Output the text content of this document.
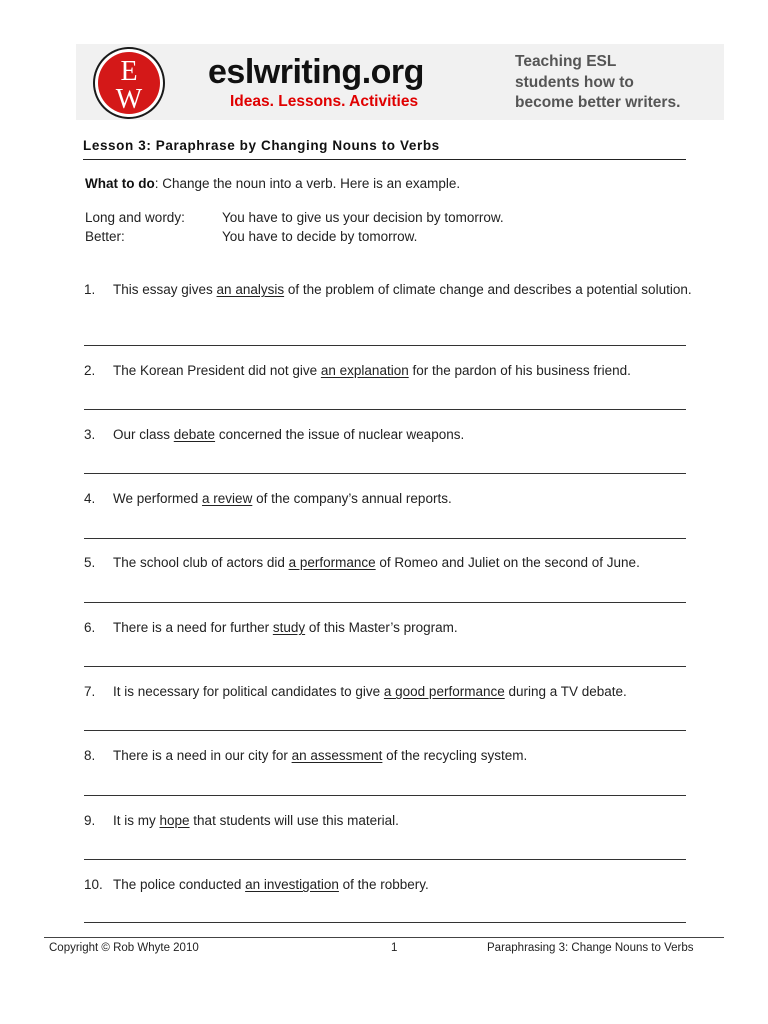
E
W
eslwriting.org
Ideas. Lessons. Activities
Teaching ESL
students how to
become better writers.
Lesson 3: Paraphrase by Changing Nouns to Verbs
What to do: Change the noun into a verb. Here is an example.
Long and wordy:	You have to give us your decision by tomorrow.
Better:	You have to decide by tomorrow.
1. This essay gives an analysis of the problem of climate change and describes a potential solution.
2. The Korean President did not give an explanation for the pardon of his business friend.
3. Our class debate concerned the issue of nuclear weapons.
4. We performed a review of the company’s annual reports.
5. The school club of actors did a performance of Romeo and Juliet on the second of June.
6. There is a need for further study of this Master’s program.
7. It is necessary for political candidates to give a good performance during a TV debate.
8. There is a need in our city for an assessment of the recycling system.
9. It is my hope that students will use this material.
10. The police conducted an investigation of the robbery.
Copyright © Rob Whyte 2010	1	Paraphrasing 3: Change Nouns to Verbs
